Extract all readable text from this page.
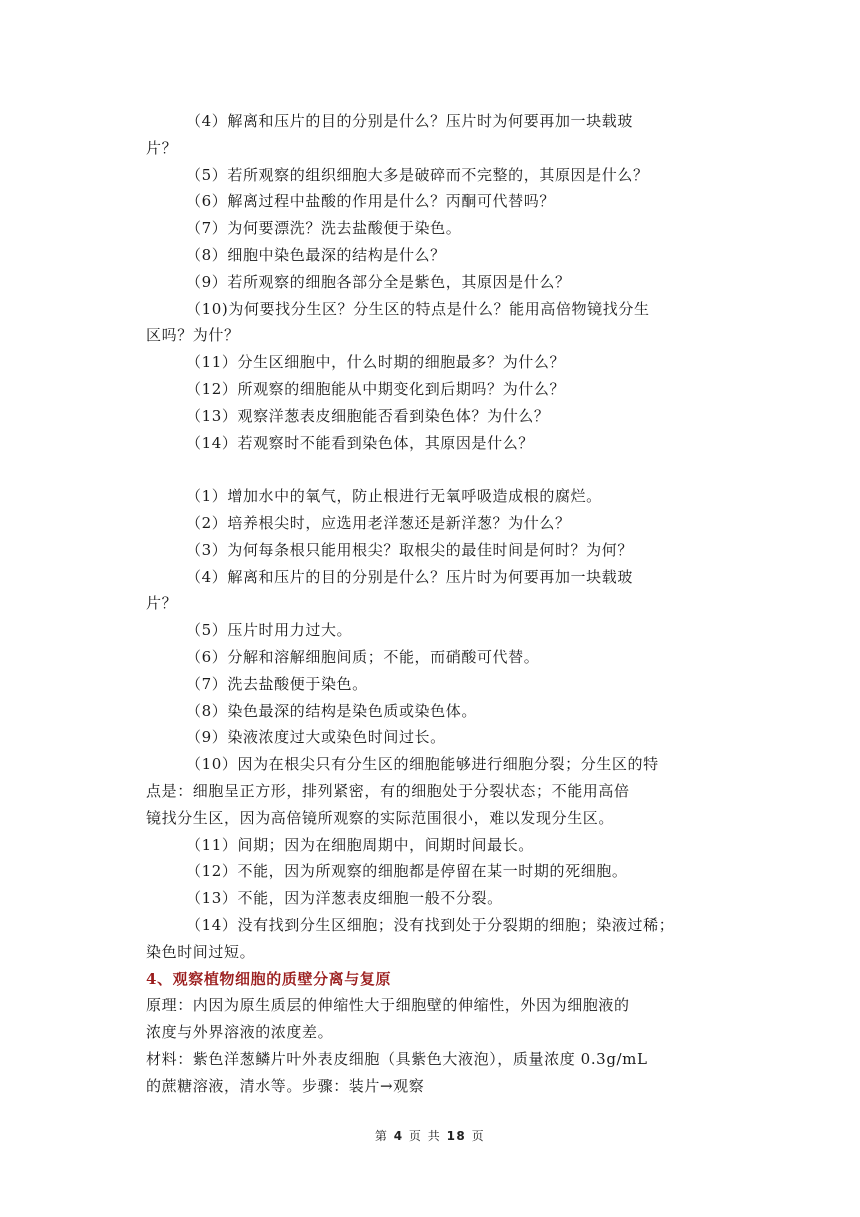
（4）解离和压片的目的分别是什么？压片时为何要再加一块载玻
片？
（5）若所观察的组织细胞大多是破碎而不完整的，其原因是什么？
（6）解离过程中盐酸的作用是什么？丙酮可代替吗？
（7）为何要漂洗？洗去盐酸便于染色。
（8）细胞中染色最深的结构是什么？
（9）若所观察的细胞各部分全是紫色，其原因是什么？
（10)为何要找分生区？分生区的特点是什么？能用高倍物镜找分生
区吗？为什？
（11）分生区细胞中，什么时期的细胞最多？为什么？
（12）所观察的细胞能从中期变化到后期吗？为什么？
（13）观察洋葱表皮细胞能否看到染色体？为什么？
（14）若观察时不能看到染色体，其原因是什么？
（1）增加水中的氧气，防止根进行无氧呼吸造成根的腐烂。
（2）培养根尖时，应选用老洋葱还是新洋葱？为什么？
（3）为何每条根只能用根尖？取根尖的最佳时间是何时？为何？
（4）解离和压片的目的分别是什么？压片时为何要再加一块载玻
片？
（5）压片时用力过大。
（6）分解和溶解细胞间质；不能，而硝酸可代替。
（7）洗去盐酸便于染色。
（8）染色最深的结构是染色质或染色体。
（9）染液浓度过大或染色时间过长。
（10）因为在根尖只有分生区的细胞能够进行细胞分裂；分生区的特
点是：细胞呈正方形，排列紧密，有的细胞处于分裂状态；不能用高倍
镜找分生区，因为高倍镜所观察的实际范围很小，难以发现分生区。
（11）间期；因为在细胞周期中，间期时间最长。
（12）不能，因为所观察的细胞都是停留在某一时期的死细胞。
（13）不能，因为洋葱表皮细胞一般不分裂。
（14）没有找到分生区细胞；没有找到处于分裂期的细胞；染液过稀；
染色时间过短。
4、观察植物细胞的质壁分离与复原
原理：内因为原生质层的伸缩性大于细胞壁的伸缩性，外因为细胞液的
浓度与外界溶液的浓度差。
材料：紫色洋葱鳞片叶外表皮细胞（具紫色大液泡），质量浓度 0.3g/mL
的蔗糖溶液，清水等。步骤：装片→观察
第 4 页 共 18 页
